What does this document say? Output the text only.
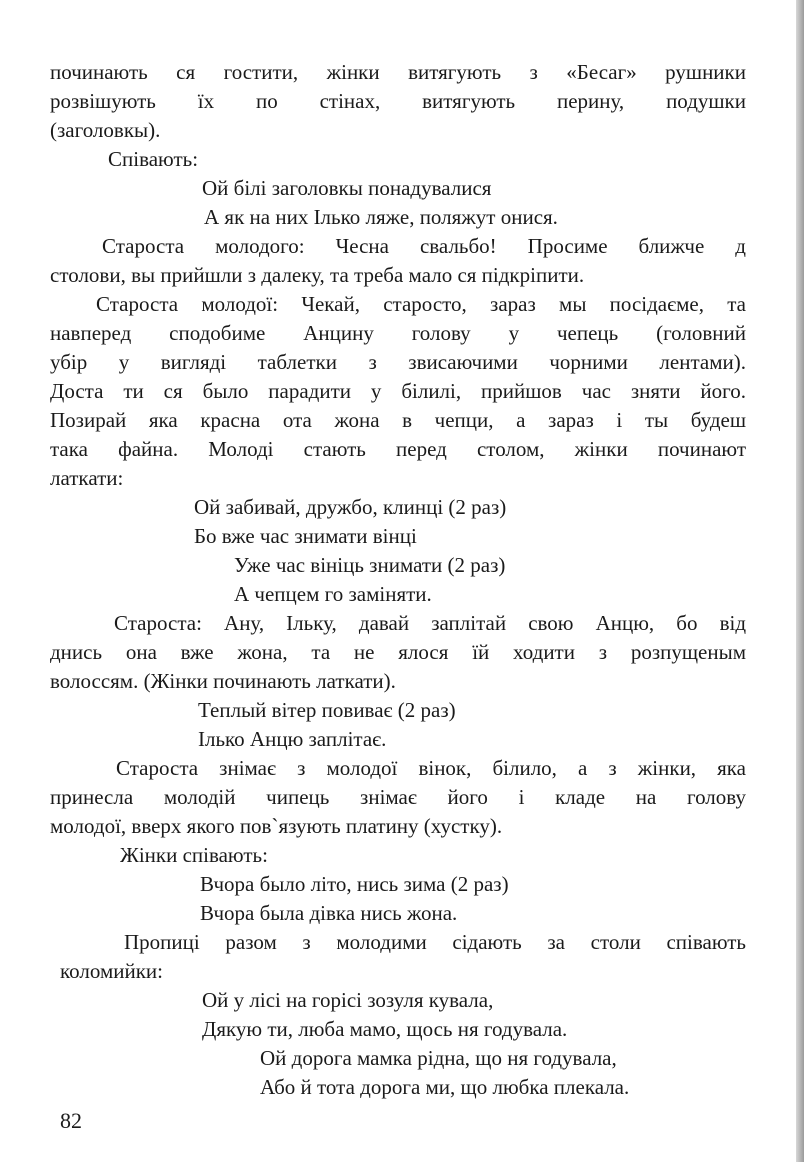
починають ся гостити, жінки витягують з «Бесаг» рушники
розвішують їх по стінах, витягують перину, подушки
(заголовкы).
Співають:
Ой білі заголовкы понадувалися
А як на них Ілько ляже, поляжут онися.
Староста молодого: Чесна свальбо! Просиме ближче д
столови, вы прийшли з далеку, та треба мало ся підкріпити.
Староста молодої: Чекай, старосто, зараз мы посідаєме, та
навперед сподобиме Анцину голову у чепець (головний
убір у вигляді таблетки з звисаючими чорними лентами).
Доста ти ся было парадити у білилі, прийшов час зняти його.
Позирай яка красна ота жона в чепци, а зараз і ты будеш
така файна. Молоді стають перед столом, жінки починают
латкати:
Ой забивай, дружбо, клинці (2 раз)
Бо вже час знимати вінці
Уже час вініць знимати (2 раз)
А чепцем го заміняти.
Староста: Ану, Ільку, давай заплітай свою Анцю, бо від
днись она вже жона, та не ялося їй ходити з розпущеным
волоссям. (Жінки починають латкати).
Теплый вітер повиває (2 раз)
Ілько Анцю заплітає.
Староста знімає з молодої вінок, білило, а з жінки, яка
принесла молодій чипець знімає його і кладе на голову
молодої, вверх якого пов`язують платину (хустку).
Жінки співають:
Вчора было літо, нись зима (2 раз)
Вчора была дівка нись жона.
Пропиці разом з молодими сідають за столи співають
коломийки:
Ой у лісі на горісі зозуля кувала,
Дякую ти, люба мамо, щось ня годувала.
Ой дорога мамка рідна, що ня годувала,
Або й тота дорога ми, що любка плекала.
82
